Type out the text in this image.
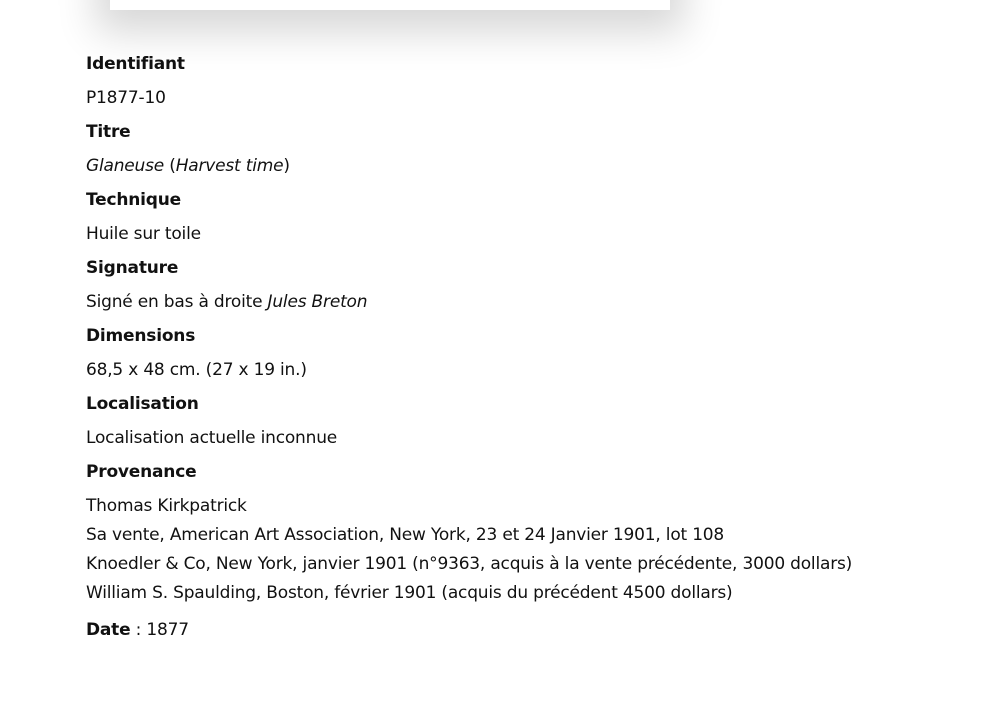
Identifiant

P1877-10

Titre

Glaneuse (Harvest time)

Technique

Huile sur toile

Signature

Signé en bas à droite Jules Breton

Dimensions

68,5 x 48 cm. (27 x 19 in.)

Localisation

Localisation actuelle inconnue

Provenance

Thomas Kirkpatrick

Sa vente, American Art Association, New York, 23 et 24 Janvier 1901, lot 108

Knoedler & Co, New York, janvier 1901 (n°9363, acquis à la vente précédente, 3000 dollars)

William S. Spaulding, Boston, février 1901 (acquis du précédent 4500 dollars)

Date : 1877
